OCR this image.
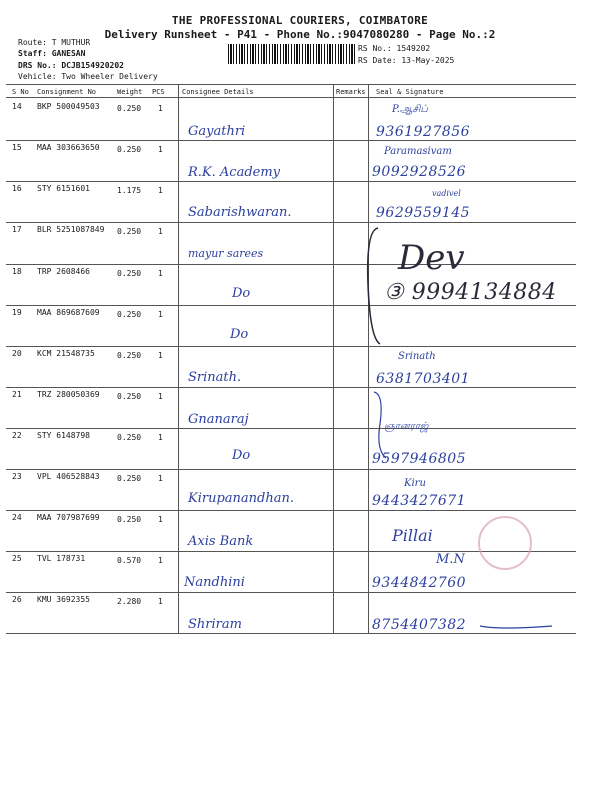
THE PROFESSIONAL COURIERS, COIMBATORE
Delivery Runsheet - P41 - Phone No.:9047080280 - Page No.:2
Route: T MUTHUR
Staff: GANESAN
DRS No.: DCJB154920202
Vehicle: Two Wheeler Delivery
RS No.: 1549202
RS Date: 13-May-2025
S No Consignment No	Weight PCS Consignee Details	Remarks Seal & Signature
14 BKP 500049503 0.250 1
Gayathri
P.ஆசிப்
9361927856
15 MAA 303663650 0.250 1
R.K. Academy
Paramasivam
9092928526
16 STY 6151601	1.175 1
Sabarishwaran.
vadivel
9629559145
17 BLR 5251087849 0.250 1
mayur sarees
18 TRP 2608466	0.250 1
Do
Dev
③ 9994134884
19 MAA 869687609 0.250 1
Do
20 KCM 21548735	0.250 1
Srinath.
Srinath
6381703401
21 TRZ 280050369 0.250 1
Gnanaraj
22 STY 6148798	0.250 1
Do
ஞானராஜ்
9597946805
23 VPL 406528843 0.250 1
Kirupanandhan.
Kiru
9443427671
24 MAA 707987699 0.250 1
Axis Bank	Pillai
25 TVL 178731	0.570 1
Nandhini
M.N
9344842760
26 KMU 3692355	2.280 1
Shriram	8754407382
